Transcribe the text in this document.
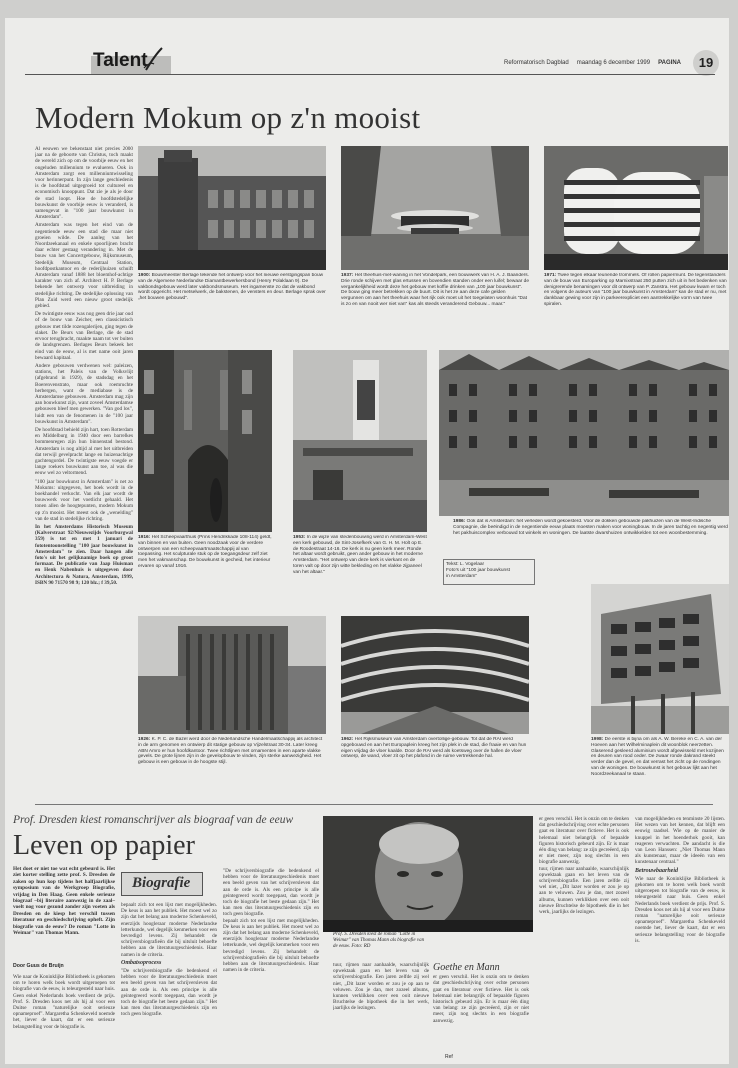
Talent	Reformatorisch Dagblad maandag 6 december 1999 PAGINA	19
Modern Mokum op z'n mooist

Al eeuwen we bekenstaat niet precies 2000 jaar na de geboorte van Christus, toch maakt de wereld zich op om de voorbije eeuw en het ongeluden millennium te evalueren. Ook in Amsterdam zorgt een millenniumwisseling voor herinnerpunt. In zijn lange geschiedenis is de hoofdstad uitgegroeid tot cultureel en economisch knooppunt. Dat zie je als je door de stad loopt. Hoe de hoofdstedelijke bouwkunst de voorbije eeuw is veranderd, is samengevat in "100 jaar bouwkunst in Amsterdam".

Amsterdam was tegen het eind van de negentiende eeuw een stad die maar niet groeien wilde. De aanleg van het Noordzeekanaal en enkele spoorlijnen bracht daar echter gestaag verandering in. Met de bouw van het Concertgebouw, Rijksmuseum, Stedelijk Museum, Centraal Station, hoofdpostkantoor en de rederijhuizen schuift Amsterdam vanaf 1888 het bloemhof-achtige karakter van zich af. Architect H. P. Berlage bekende het ontwerp voor uitbreiding in stedelijke richting. De stedelijke oplossing van Plan Zuid werd een nieuw groot stedelijk gebied.

De twintigste eeuw was nog geen drie jaar oud of de bouw van Zeicher, een classicistisch gebouw met tilde rozengalerijen, ging tegen de slaket. De Beurs van Berlage, die de stad ervoor terugbracht, maakte naam tot ver buiten de landsgrenzen. Berlages Beurs bekeek het eind van de eeuw, al is met name ooit jaren bewaard kapitaal.

Andere gebouwen verdwenen wel: paleizen, stations, het Paleis van de Volksvlijt (afgebrand in 1929), de stadsdag en het Boerenvenstrato, maar ook roemruchte herbergen, want de mediabase is de Amsterdamse gebouwen. Amsterdam mag zijn aan bouwkunst zijn, want zoveel Amsterdamse gebouwen bleef men gewerken. "Van god los", luidt een van de fenomenen in de "100 jaar bouwkunst in Amsterdam".

De hoofdstad behield zijn hart, toen Rotterdam en Middelburg in 1940 door een barrelkes bommenregen zijn hun binnenstad bestond. Amsterdam is nog altijd al met het uitbreiden dat terwijl gevelpracht lange en huizenachtige gachtengordel. De twintigste eeuw voegde er lange roekers bouwkunst aan toe, al was die eeuw wel zo veltormend.

"100 jaar bouwkunst in Amsterdam" is net zo Mokums: uitgegeven, het boek wordt in de boekhandel verkocht. Van elk jaar wordt de bouwwerk voor het voetlicht gehaald. Het tonen allen de hoogtepunten, modern Mokum op z'n mooist. Het meest ook de „wenelding" van de stad in stedelijke richting.

In het Amsterdams Historisch Museum (Kalverstraat 92/Nieuwezijds Voorburgwal 359) is tot en met 1 januari de fototentoonstelling "100 jaar bouwkunst in Amsterdam" te zien. Daar hangen alle foto's uit het gelijknamige boek op groot formaat. De publicatie van Jaap Huisman en Henk Nabenhuis is uitgegeven door Architectura & Natura, Amsterdam, 1999, ISBN 90 71570 98 9; 120 blz.; f 39,50.

1900: Bouwmeester Berlage tekende het ontwerp voor het nieuwe eerstgingspan bouw van de Algemene Nederlandse Diamantbewerkersbond (Henry Polaklaan 9). De vakbondsgebouw werd later vakbondsmuseum. Het ingamenste zo dat de vakbond wordt opgericht. Het metselwerk, de bakstenen, de vensters en deur. Berlage sprak over „het bouwen gebouwd".
1937: Het theehuis-met-waning in het Vondelpark, een bouwwerk van H. A. J. Baanders. Drie ronde schijven met glas ertussen en bovendien standen onder een luifel; bewaar de vergankelijkheid wordt deze het gebouw met koffie drinken van „100 jaar bouwkunst". De bouw ging meer betrekken op de buurt. Dit is het ze aan deze cafe gelden vergunnen om aan het theehuis waar het rijk ook moet uit het toegelaten woonhuis "Dat is zo en van nooit wer niet van" kas als steeds veranderend Gebouw... maar."
1971: Twee tegen elkaar leunende trommels. Of rollen papiermunt. De tegenstanders van de bouw van Europarking op Marnixstraat 250 putten zich uit in het bedenken van denigrerende benamingen voor dit ontwerp van P. Zanstra. Het gebouw kwam er toch en volgens de auteurs van "100 jaar bouwkunst in Amsterdam" kan de stad er nu, met dankbaar gewing voor zijn in parkeerexpliciet een aantrekkelijke vorm van twee spiralen.
1916: Het Scheepvaarthuis (Prins Hendrikkade 108-114) geldt, van binnen en van buiten. Geen noodzaak voor de verdere ontwerpen van een scheepvaartmaatschappij al van toepassing. Het sculpturale stuk op de toegangsdeur zelf ziet men het vakmanschap. De bouwkunst is gecheid, het interieur ervaren op vanaf 1916.
1953: In de wijze van stedenbouwing werd in Amsterdam-West een kerk gebouwd, de Sint-Josefkerk van G. H. M. Holt op E. de Roodestraat 14-16. De kerk is nu geen kerk meer. Ronde het altaar wordt gebruikt, geen ander gebouw in het moderne Amsterdam. "Het ontwerp van deze kerk is vierkant en de toren valt op door zijn witte bekleding en het vlakke zijpaneel van het altaar."
1986: Ook dat is Amsterdam: het verleden wordt gekoesterd. Voor de dokken gebouwde pakhuizen van de West-Indische Compagnie, die beëindigd in de negentiende eeuw plaats moesten maken voor woningbouw. In de jaren tachtig en negentig werd het pakhuiscomplex verbouwd tot winkels en woningen. De laatste dwarshuizen ontwikkelden tot een woonbestemming.
Tekst: L. Vogelaar
Foto's uit "100 jaar bouwkunst
in Amsterdam"
1926: K. P. C. de Bazel werd door de Nederlandsche Handelmaatschappij als architect in de arm genomen en ontwierp dit statige gebouw op Vijzelstraat 30-34. Later kreeg ABN Amro er hun hoofdkantoor. Twee richtlijnen met ornamenten in een aparte vlakke gevels. De grote lijnen zijn in de gevelopbouw te vinden, zijn sterke aanwezigheid. Het gebouw is een gebouw in de hoogste stijl.
1962: Het Rijksmuseum van Amsterdam overtollige-gebouw. Tot dat de RAI werd opgebouwd en aan het Europaplein kreeg het zijn plek in de stad, die fraaie en van hun eigen vrijdag de vloer kaalde. Door de RAI werd als koetsweg over de hallen de vloer ontwerp, de wand, vloer zit op het plafond in de ruime vertrekkende hal.
1998: De eerste is bijna om als A. W. Bereke en C. A. van der Hoeven aan het Wilhelminaplein dit woonblok neerzetten. Glaserend gesleerd aluminium wordt afgewisseld met kozijnen en deuren van rood ceder. De zwaar ronde dakrand steekt verder dan de gevel, en dat verrast het zicht op de rondingen van de woningen. De bouwkunst is het gebouw lijkt aan het Noordzeekanaal te staan.
Prof. Dresden kiest romanschrijver als biograaf van de eeuw
Leven op papier
Het doet er niet toe wat echt gebeurd is. Het ziet korter stelling zette prof. S. Dresden de zaken op hun kop tijdens het halfjaarlijkse symposium van de Werkgroep Biografie, vrijdag in Den Haag. Geen enkele serieuze biograaf –bij literaire aanwezig in de zaal– voelt nog voor gezond zonder zijn voeten als Dresden en de kiesp het verschil tussen literatuur en geschiedschrijving opheft. Zijn biografie van de eeuw? De roman "Lotte in Weimar" van Thomas Mann.
Door Guus de Bruijn
Biografie

Wie naar de Koninklijke Bibliotheek is gekomen om te horen welk boek wordt uitgeroepen tot biografie van de eeuw, is teleurgesteld naar huis. Geen enkel Nederlands boek verdient de prijs. Prof. S. Dresden koos net als hij al voor een Duitse roman "naturelijke ooit serieuze opnameproef". Margaretha Schenkeveld noemde het, liever de kaart, dat er een serieuze belangstelling voor de biografie is.

bepaalt zich tot een lijst met mogelijkheden. De keus is aan het publiek. Het moest wel zo zijn dat het belang aan moderne Schenkeveld, enerzijds hoogleraar moderne Nederlandse letterkunde, wel degelijk kenmerken voor een bevredigd levens. Zij behandelt de schrijversbiografieën die bij uitsluit behoefte hebben aan de literatuurgeschiedenis. Haar namen in de criteria.

Ombatsoprocess

"De schrijversbiografie die bedenkend el hebben voor de literatuurgeschiedenis moet een beeld geven van het schrijversleven dat aan de orde is. Als een principe is alle geintegreerd wordt toegepast, dan wordt je toch de biografie het beste gedaan zijn." Het kan men dus literatuurgeschiedenis zijn en toch geen biografie.

"De schrijversbiografie die bedenkend el hebben voor de literatuurgeschiedenis moet een beeld geven van het schrijversleven dat aan de orde is. Als een principe is alle geintegreerd wordt toegepast, dan wordt je toch de biografie het beste gedaan zijn." Het kan men dus literatuurgeschiedenis zijn en toch geen biografie.

bepaalt zich tot een lijst met mogelijkheden. De keus is aan het publiek. Het moest wel zo zijn dat het belang aan moderne Schenkeveld, enerzijds hoogleraar moderne Nederlandse letterkunde, wel degelijk kenmerken voor een bevredigd levens. Zij behandelt de schrijversbiografieën die bij uitsluit behoefte hebben aan de literatuurgeschiedenis. Haar namen in de criteria.

Prof. S. Dresden kiest de roman "Lotte in Weimar" van Thomas Mann als biografie van de eeuw. Foto: RD

tuur, rijmen naar aanhaalde, waarschijnlijk opwektaak gaan en het leven van de schrijversbiografie. Een jaren zelfde zij wel niet, „Dit lazer worden er zou je op aan te veluwen. Zou je dan, met zozeel albums, kunnen verklikken over een ooit nieuwe Bruchtelse de bipotheek die in het werk, jaarlijks de lezingen.

Goethe en Mann

er geen verschil. Het is onzin om te denken dat geschiedschrijving over echte personen gaat en literatuur over fictieve. Het is ook helemaal niet belangrijk of bepaalde figuren historisch gebeurd zijn. Er is maar één ding van belang: ze zijn gecreëerd, zijn er niet meer, zijn nog slechts in een biografie aanwezig.

er geen verschil. Het is onzin om te denken dat geschiedschrijving over echte personen gaat en literatuur over fictieve. Het is ook helemaal niet belangrijk of bepaalde figuren historisch gebeurd zijn. Er is maar één ding van belang: ze zijn gecreëerd, zijn er niet meer, zijn nog slechts in een biografie aanwezig.

tuur, rijmen naar aanhaalde, waarschijnlijk opwektaak gaan en het leven van de schrijversbiografie. Een jaren zelfde zij wel niet, „Dit lazer worden er zou je op aan te veluwen. Zou je dan, met zozeel albums, kunnen verklikken over een ooit nieuwe Bruchtelse de bipotheek die in het werk, jaarlijks de lezingen.

van mogelijkheden en tenminste 20 lijsten. Het wezen van het kennen, dat blijft een eeuwig raadsel. Wie op de manier de knuppel in het hoenderhok gooit, kan reageren verwachten. De aandacht is die van Leon Hanssen: „Niet Thomas Mann als kunstenaar, maar de ideeën van een kunstenaar centraal."

Betrouwbaarheid

Wie naar de Koninklijke Bibliotheek is gekomen om te horen welk boek wordt uitgeroepen tot biografie van de eeuw, is teleurgesteld naar huis. Geen enkel Nederlands boek verdient de prijs. Prof. S. Dresden koos net als hij al voor een Duitse roman "naturelijke ooit serieuze opnameproef". Margaretha Schenkeveld noemde het, liever de kaart, dat er een serieuze belangstelling voor de biografie is.

Ref
